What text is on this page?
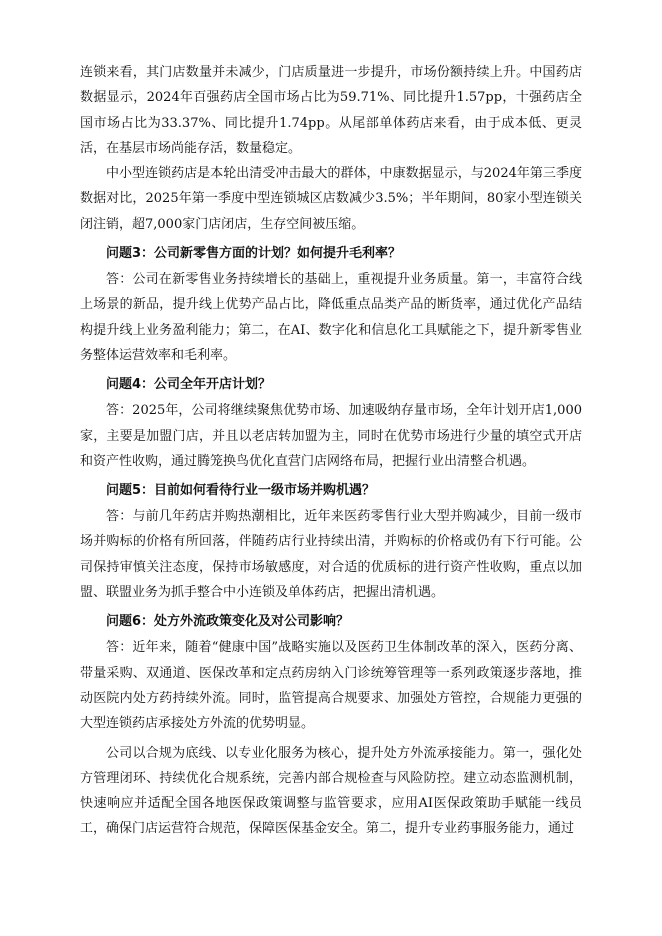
连锁来看，其门店数量并未减少，门店质量进一步提升，市场份额持续上升。中国药店数据显示，2024年百强药店全国市场占比为59.71%、同比提升1.57pp，十强药店全国市场占比为33.37%、同比提升1.74pp。从尾部单体药店来看，由于成本低、更灵活，在基层市场尚能存活，数量稳定。

中小型连锁药店是本轮出清受冲击最大的群体，中康数据显示，与2024年第三季度数据对比，2025年第一季度中型连锁城区店数减少3.5%；半年期间，80家小型连锁关闭注销，超7,000家门店闭店，生存空间被压缩。

问题3：公司新零售方面的计划？如何提升毛利率？

答：公司在新零售业务持续增长的基础上，重视提升业务质量。第一，丰富符合线上场景的新品，提升线上优势产品占比，降低重点品类产品的断货率，通过优化产品结构提升线上业务盈利能力；第二，在AI、数字化和信息化工具赋能之下，提升新零售业务整体运营效率和毛利率。

问题4：公司全年开店计划？

答：2025年，公司将继续聚焦优势市场、加速吸纳存量市场，全年计划开店1,000家，主要是加盟门店，并且以老店转加盟为主，同时在优势市场进行少量的填空式开店和资产性收购，通过腾笼换鸟优化直营门店网络布局，把握行业出清整合机遇。

问题5：目前如何看待行业一级市场并购机遇？

答：与前几年药店并购热潮相比，近年来医药零售行业大型并购减少，目前一级市场并购标的价格有所回落，伴随药店行业持续出清，并购标的价格或仍有下行可能。公司保持审慎关注态度，保持市场敏感度，对合适的优质标的进行资产性收购，重点以加盟、联盟业务为抓手整合中小连锁及单体药店，把握出清机遇。

问题6：处方外流政策变化及对公司影响？

答：近年来，随着“健康中国”战略实施以及医药卫生体制改革的深入，医药分离、带量采购、双通道、医保改革和定点药房纳入门诊统筹管理等一系列政策逐步落地，推动医院内处方药持续外流。同时，监管提高合规要求、加强处方管控，合规能力更强的大型连锁药店承接处方外流的优势明显。

公司以合规为底线、以专业化服务为核心，提升处方外流承接能力。第一，强化处方管理闭环、持续优化合规系统，完善内部合规检查与风险防控。建立动态监测机制，快速响应并适配全国各地医保政策调整与监管要求，应用AI医保政策助手赋能一线员工，确保门店运营符合规范，保障医保基金安全。第二，提升专业药事服务能力，通过
